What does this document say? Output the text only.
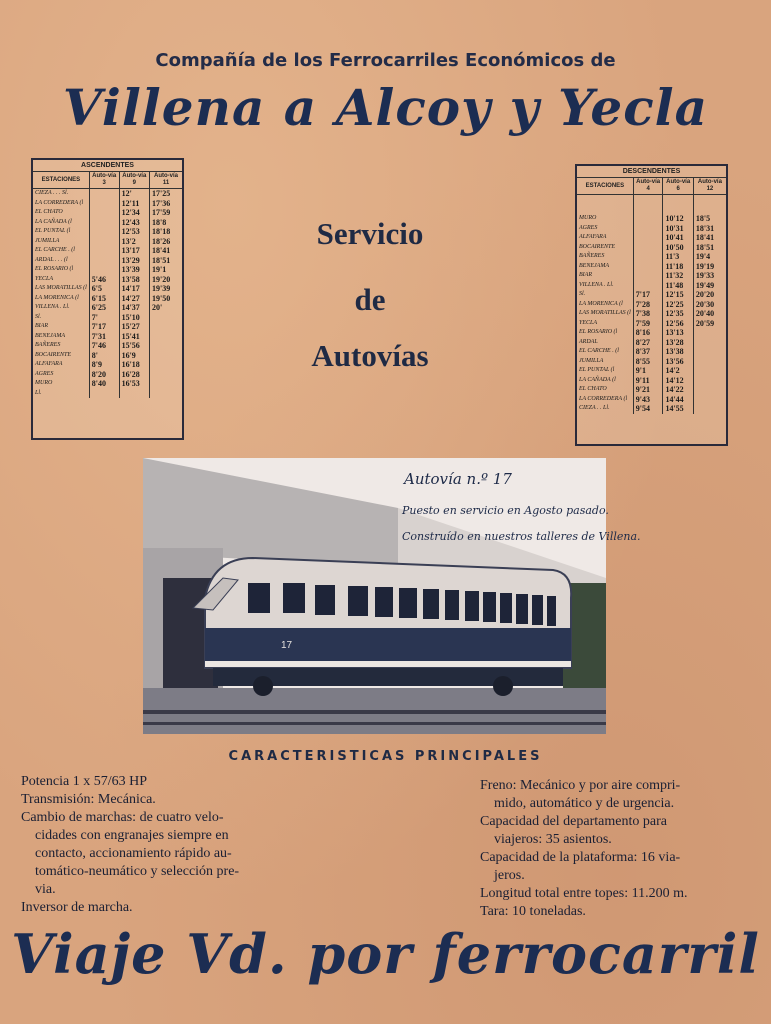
Compañía de los Ferrocarriles Económicos de
Villena a Alcoy y Yecla
Servicio
de
Autovías
ASCENDENTES
ESTACIONES	Auto-vía 3	Auto-vía 9	Auto-vía 11
CIEZA . . . Sl.		12'	17'25
LA CORREDERA (l		12'11	17'36
EL CHATO		12'34	17'59
LA CAÑADA (l		12'43	18'8
EL PUNTAL (l		12'53	18'18
JUMILLA		13'2	18'26
EL CARCHE . (l		13'17	18'41
ARDAL . . . (l		13'29	18'51
EL ROSARIO (l		13'39	19'1
YECLA	5'46	13'58	19'20
LAS MORATILLAS (l	6'5	14'17	19'39
LA MORENICA (l	6'15	14'27	19'50
VILLENA . Ll.	6'25	14'37	20'
Sl.	7'	15'10	
BIAR	7'17	15'27	
BENEJAMA	7'31	15'41	
BAÑERES	7'46	15'56	
BOCAIRENTE	8'	16'9	
ALFAFARA	8'9	16'18	
AGRES	8'20	16'28	
MURO	8'40	16'53	
Ll.			
DESCENDENTES
ESTACIONES	Auto-vía 4	Auto-vía 6	Auto-vía 12

MURO		10'12	18'5
AGRES		10'31	18'31
ALFAFARA		10'41	18'41
BOCAIRENTE		10'50	18'51
BAÑERES		11'3	19'4
BENEJAMA		11'18	19'19
BIAR		11'32	19'33
VILLENA . Ll.		11'48	19'49
Sl.	7'17	12'15	20'20
LA MORENICA (l	7'28	12'25	20'30
LAS MORATILLAS (l	7'38	12'35	20'40
YECLA	7'59	12'56	20'59
EL ROSARIO (l	8'16	13'13	
ARDAL	8'27	13'28	
EL CARCHE . (l	8'37	13'38	
JUMILLA	8'55	13'56	
EL PUNTAL (l	9'1	14'2	
LA CAÑADA (l	9'11	14'12	
EL CHATO	9'21	14'22	
LA CORREDERA (l	9'43	14'44	
CIEZA . . Ll.	9'54	14'55	
17
Autovía n.º 17
Puesto en servicio en Agosto pasado.
Construído en nuestros talleres de Villena.
CARACTERISTICAS PRINCIPALES

Potencia 1 x 57/63 HP

Transmisión: Mecánica.

Cambio de marchas: de cuatro velo-

cidades con engranajes siempre en

contacto, accionamiento rápido au-

tomático-neumático y selección pre-

via.

Inversor de marcha.

Freno: Mecánico y por aire compri-

mido, automático y de urgencia.

Capacidad del departamento para

viajeros: 35 asientos.

Capacidad de la plataforma: 16 via-

jeros.

Longitud total entre topes: 11.200 m.

Tara: 10 toneladas.

Viaje Vd. por ferrocarril
